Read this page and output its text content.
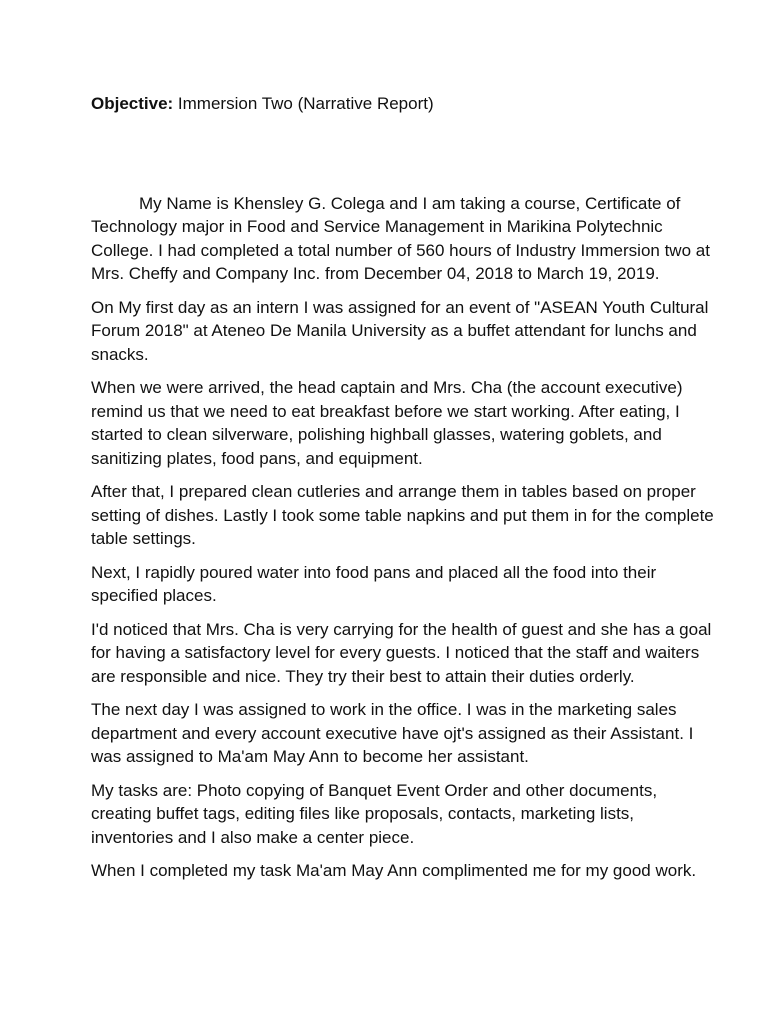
Objective: Immersion Two (Narrative Report)

My Name is Khensley G. Colega and I am taking a course, Certificate of Technology major in Food and Service Management in Marikina Polytechnic College. I had completed a total number of 560 hours of Industry Immersion two at Mrs. Cheffy and Company Inc. from December 04, 2018 to March 19, 2019.

On My first day as an intern I was assigned for an event of "ASEAN Youth Cultural Forum 2018" at Ateneo De Manila University as a buffet attendant for lunchs and snacks.

When we were arrived, the head captain and Mrs. Cha (the account executive) remind us that we need to eat breakfast before we start working. After eating, I started to clean silverware, polishing highball glasses, watering goblets, and sanitizing plates, food pans, and equipment.

After that, I prepared clean cutleries and arrange them in tables based on proper setting of dishes. Lastly I took some table napkins and put them in for the complete table settings.

Next, I rapidly poured water into food pans and placed all the food into their specified places.

I'd noticed that Mrs. Cha is very carrying for the health of guest and she has a goal for having a satisfactory level for every guests. I noticed that the staff and waiters are responsible and nice. They try their best to attain their duties orderly.

The next day I was assigned to work in the office. I was in the marketing sales department and every account executive have ojt's assigned as their Assistant. I was assigned to Ma'am May Ann to become her assistant.

My tasks are: Photo copying of Banquet Event Order and other documents, creating buffet tags, editing files like proposals, contacts, marketing lists, inventories and I also make a center piece.

When I completed my task Ma'am May Ann complimented me for my good work.
